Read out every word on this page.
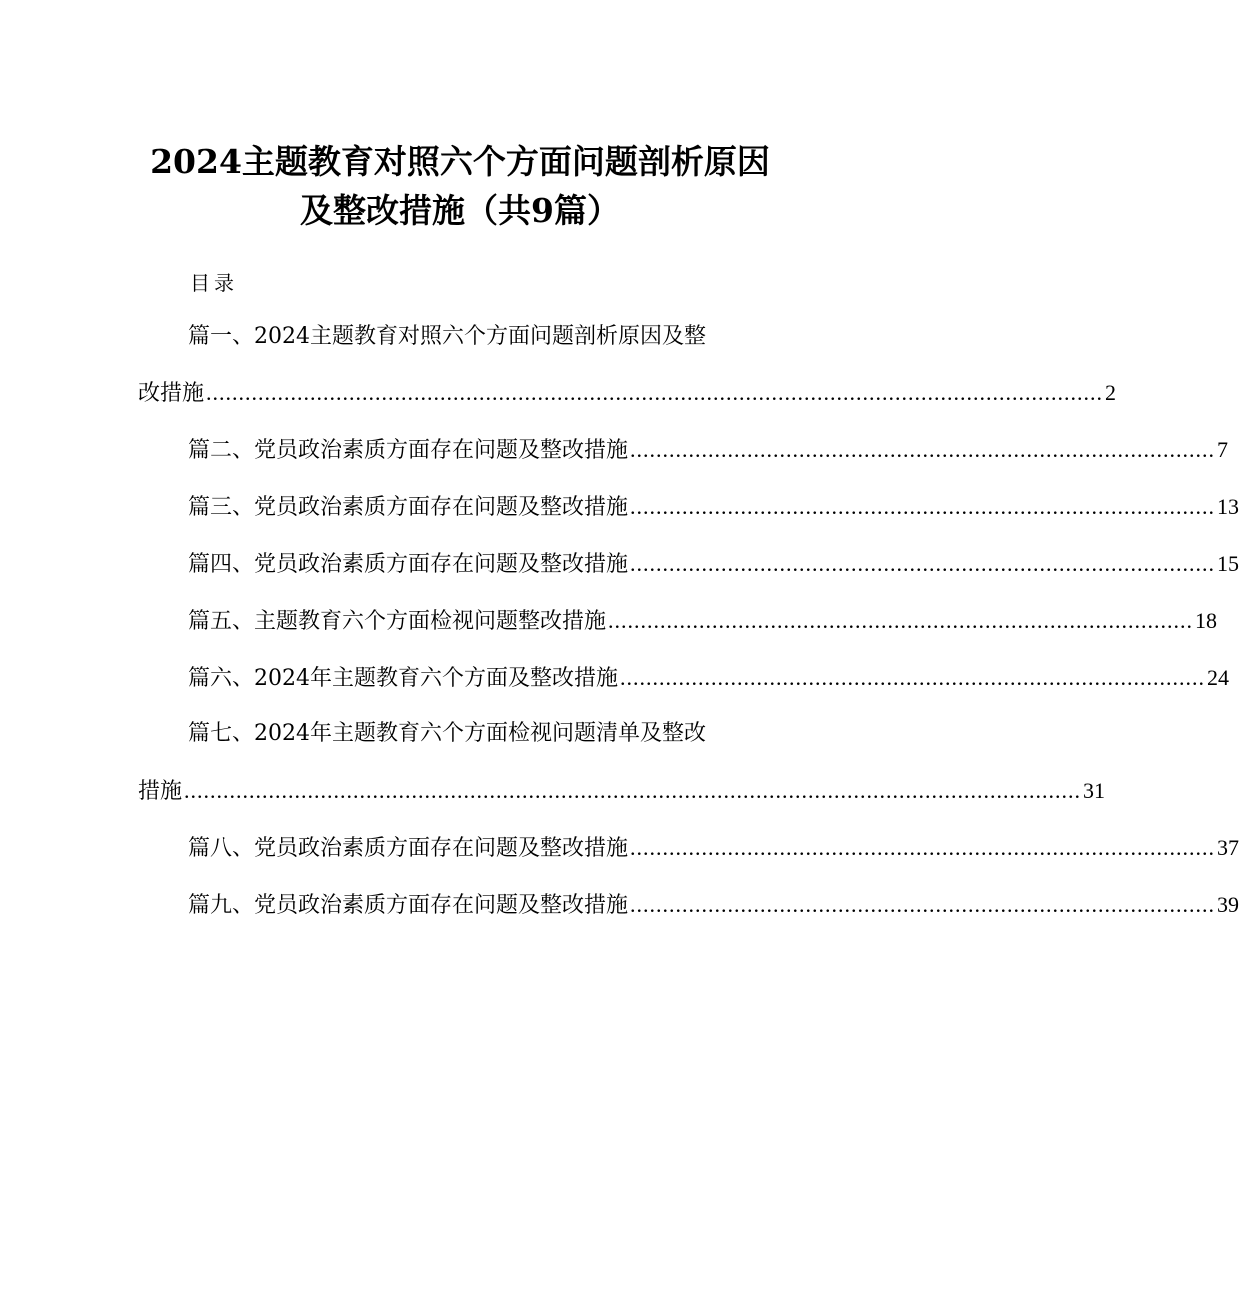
2024主题教育对照六个方面问题剖析原因
及整改措施（共9篇）
目录
篇一、2024主题教育对照六个方面问题剖析原因及整
改措施 .......................................................................................................................................... 2
篇二、党员政治素质方面存在问题及整改措施 .......................................................................................... 7
篇三、党员政治素质方面存在问题及整改措施 .......................................................................................... 13
篇四、党员政治素质方面存在问题及整改措施 .......................................................................................... 15
篇五、主题教育六个方面检视问题整改措施 .......................................................................................... 18
篇六、2024年主题教育六个方面及整改措施 .......................................................................................... 24
篇七、2024年主题教育六个方面检视问题清单及整改
措施 .......................................................................................................................................... 31
篇八、党员政治素质方面存在问题及整改措施 .......................................................................................... 37
篇九、党员政治素质方面存在问题及整改措施 .......................................................................................... 39
